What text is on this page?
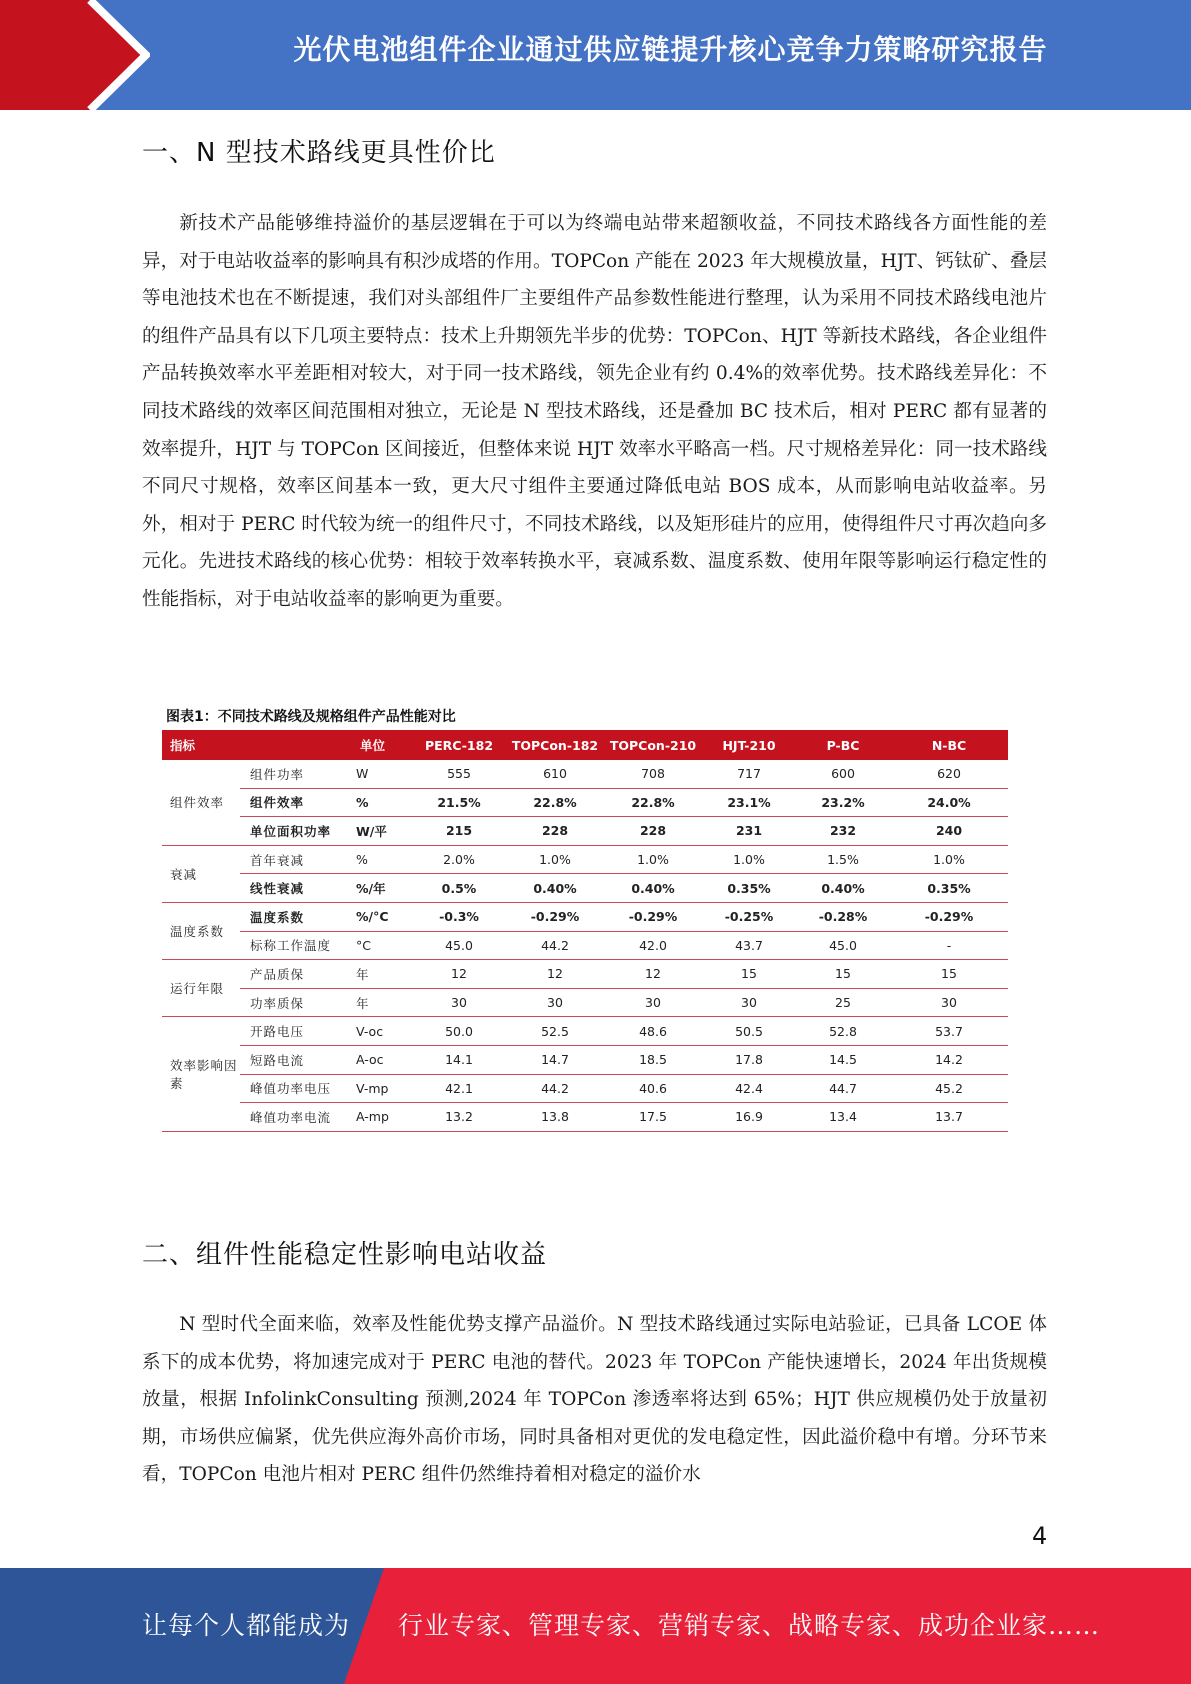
光伏电池组件企业通过供应链提升核心竞争力策略研究报告
一、N 型技术路线更具性价比

新技术产品能够维持溢价的基层逻辑在于可以为终端电站带来超额收益，不同技术路线各方面性能的差异，对于电站收益率的影响具有积沙成塔的作用。TOPCon 产能在 2023 年大规模放量，HJT、钙钛矿、叠层等电池技术也在不断提速，我们对头部组件厂主要组件产品参数性能进行整理，认为采用不同技术路线电池片的组件产品具有以下几项主要特点：技术上升期领先半步的优势：TOPCon、HJT 等新技术路线，各企业组件产品转换效率水平差距相对较大，对于同一技术路线，领先企业有约 0.4%的效率优势。技术路线差异化：不同技术路线的效率区间范围相对独立，无论是 N 型技术路线，还是叠加 BC 技术后，相对 PERC 都有显著的效率提升，HJT 与 TOPCon 区间接近，但整体来说 HJT 效率水平略高一档。尺寸规格差异化：同一技术路线不同尺寸规格，效率区间基本一致，更大尺寸组件主要通过降低电站 BOS 成本，从而影响电站收益率。另外，相对于 PERC 时代较为统一的组件尺寸，不同技术路线，以及矩形硅片的应用，使得组件尺寸再次趋向多元化。先进技术路线的核心优势：相较于效率转换水平，衰减系数、温度系数、使用年限等影响运行稳定性的性能指标，对于电站收益率的影响更为重要。

图表1：不同技术路线及规格组件产品性能对比
指标		单位	PERC-182	TOPCon-182	TOPCon-210	HJT-210	P-BC	N-BC
组件效率	组件功率	W	555	610	708	717	600	620
	组件效率	%	21.5%	22.8%	22.8%	23.1%	23.2%	24.0%
	单位面积功率	W/平	215	228	228	231	232	240
衰减	首年衰减	%	2.0%	1.0%	1.0%	1.0%	1.5%	1.0%
	线性衰减	%/年	0.5%	0.40%	0.40%	0.35%	0.40%	0.35%
温度系数	温度系数	%/°C	-0.3%	-0.29%	-0.29%	-0.25%	-0.28%	-0.29%
	标称工作温度	°C	45.0	44.2	42.0	43.7	45.0	-
运行年限	产品质保	年	12	12	12	15	15	15
	功率质保	年	30	30	30	30	25	30
效率影响因素	开路电压	V-oc	50.0	52.5	48.6	50.5	52.8	53.7
	短路电流	A-oc	14.1	14.7	18.5	17.8	14.5	14.2
	峰值功率电压	V-mp	42.1	44.2	40.6	42.4	44.7	45.2
	峰值功率电流	A-mp	13.2	13.8	17.5	16.9	13.4	13.7
二、组件性能稳定性影响电站收益

N 型时代全面来临，效率及性能优势支撑产品溢价。N 型技术路线通过实际电站验证，已具备 LCOE 体系下的成本优势，将加速完成对于 PERC 电池的替代。2023 年 TOPCon 产能快速增长，2024 年出货规模放量，根据 InfolinkConsulting 预测,2024 年 TOPCon 渗透率将达到 65%；HJT 供应规模仍处于放量初期，市场供应偏紧，优先供应海外高价市场，同时具备相对更优的发电稳定性，因此溢价稳中有增。分环节来看，TOPCon 电池片相对 PERC 组件仍然维持着相对稳定的溢价水

4
让每个人都能成为 行业专家、管理专家、营销专家、战略专家、成功企业家……
